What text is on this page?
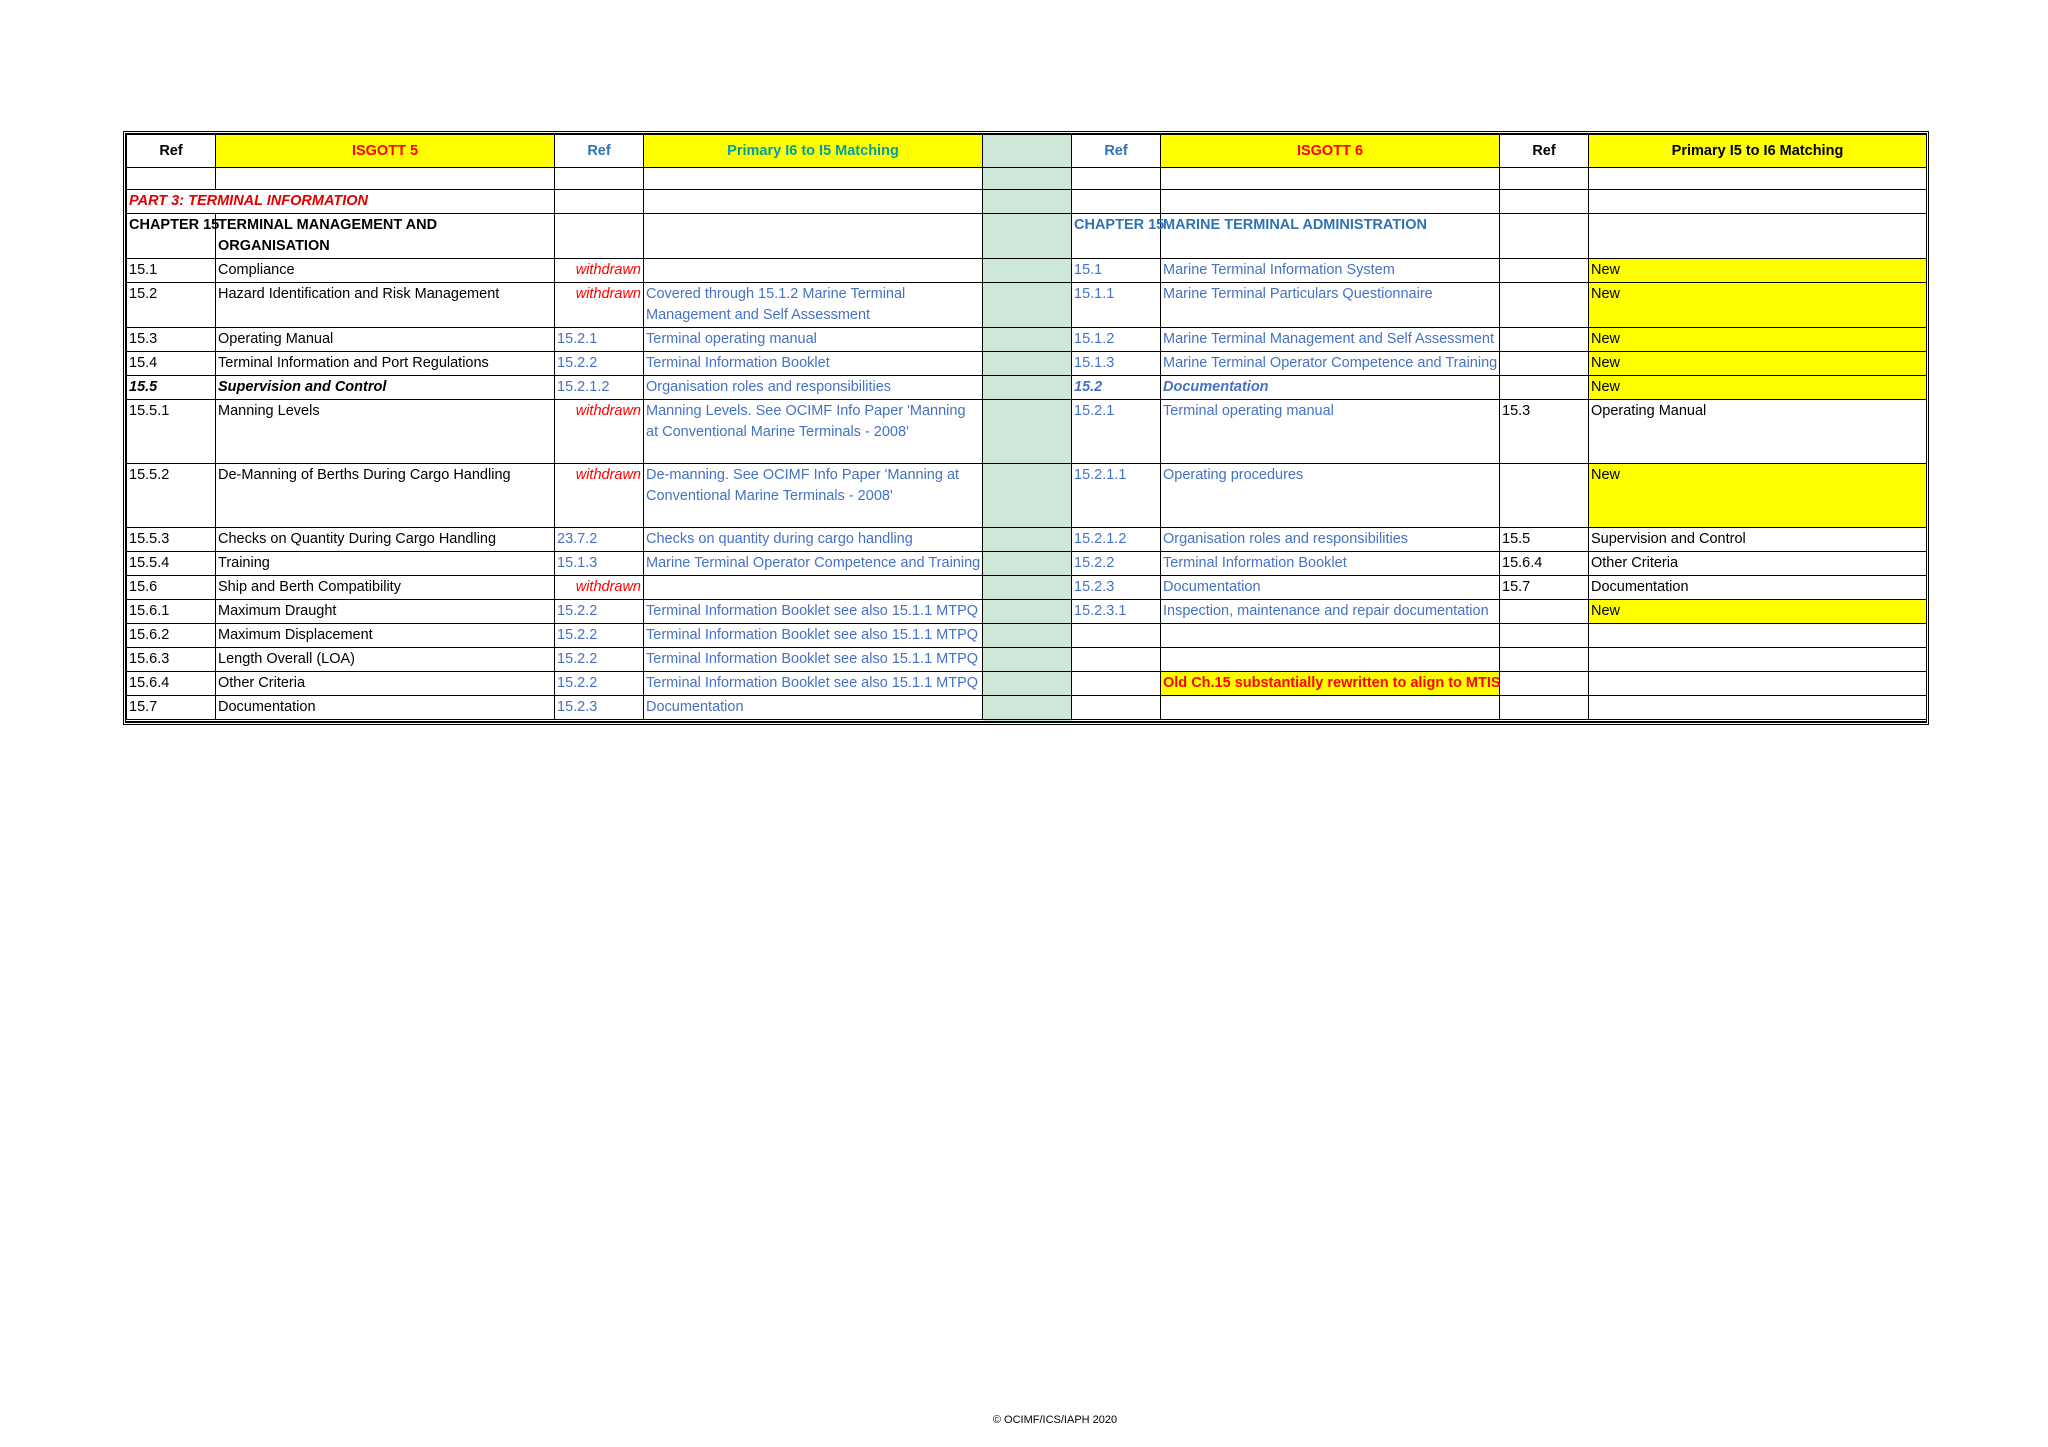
Ref	ISGOTT 5	Ref	Primary I6 to I5 Matching		Ref	ISGOTT 6	Ref	Primary I5 to I6 Matching

PART 3: TERMINAL INFORMATION								
CHAPTER 15	TERMINAL MANAGEMENT AND ORGANISATION				CHAPTER 15	MARINE TERMINAL ADMINISTRATION		
15.1	Compliance	withdrawn			15.1	Marine Terminal Information System		New
15.2	Hazard Identification and Risk Management	withdrawn	Covered through 15.1.2 Marine Terminal Management and Self Assessment		15.1.1	Marine Terminal Particulars Questionnaire		New
15.3	Operating Manual	15.2.1	Terminal operating manual		15.1.2	Marine Terminal Management and Self Assessment		New
15.4	Terminal Information and Port Regulations	15.2.2	Terminal Information Booklet		15.1.3	Marine Terminal Operator Competence and Training		New
15.5	Supervision and Control	15.2.1.2	Organisation roles and responsibilities		15.2	Documentation		New
15.5.1	Manning Levels	withdrawn	Manning Levels. See OCIMF Info Paper 'Manning at Conventional Marine Terminals - 2008'		15.2.1	Terminal operating manual	15.3	Operating Manual
15.5.2	De-Manning of Berths During Cargo Handling	withdrawn	De-manning. See OCIMF Info Paper 'Manning at Conventional Marine Terminals - 2008'		15.2.1.1	Operating procedures		New
15.5.3	Checks on Quantity During Cargo Handling	23.7.2	Checks on quantity during cargo handling		15.2.1.2	Organisation roles and responsibilities	15.5	Supervision and Control
15.5.4	Training	15.1.3	Marine Terminal Operator Competence and Training		15.2.2	Terminal Information Booklet	15.6.4	Other Criteria
15.6	Ship and Berth Compatibility	withdrawn			15.2.3	Documentation	15.7	Documentation
15.6.1	Maximum Draught	15.2.2	Terminal Information Booklet see also 15.1.1 MTPQ		15.2.3.1	Inspection, maintenance and repair documentation		New
15.6.2	Maximum Displacement	15.2.2	Terminal Information Booklet see also 15.1.1 MTPQ					
15.6.3	Length Overall (LOA)	15.2.2	Terminal Information Booklet see also 15.1.1 MTPQ					
15.6.4	Other Criteria	15.2.2	Terminal Information Booklet see also 15.1.1 MTPQ			Old Ch.15 substantially rewritten to align to MTIS		
15.7	Documentation	15.2.3	Documentation					
© OCIMF/ICS/IAPH 2020
